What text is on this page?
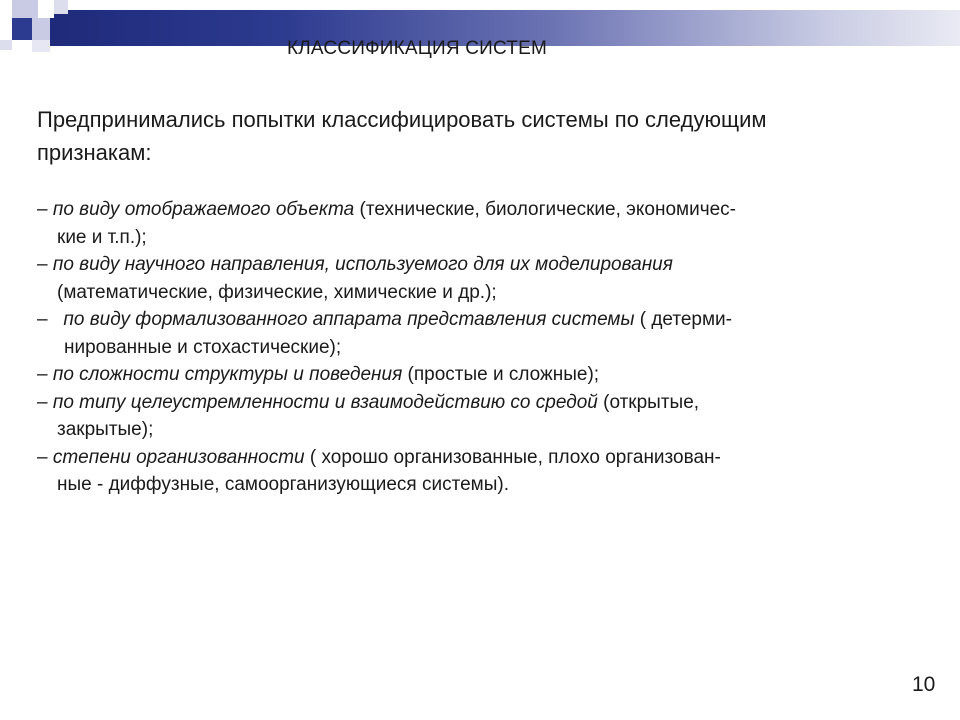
КЛАССИФИКАЦИЯ СИСТЕМ
Предпринимались попытки классифицировать системы по следующим
признакам:
– по виду отображаемого объекта (технические, биологические, экономичес-
кие и т.п.);
– по виду научного направления, используемого для их моделирования
(математические, физические, химические и др.);
– по виду формализованного аппарата представления системы ( детерми-
нированные и стохастические);
– по сложности структуры и поведения (простые и сложные);
– по типу целеустремленности и взаимодействию со средой (открытые,
закрытые);
– степени организованности ( хорошо организованные, плохо организован-
ные - диффузные, самоорганизующиеся системы).
10
